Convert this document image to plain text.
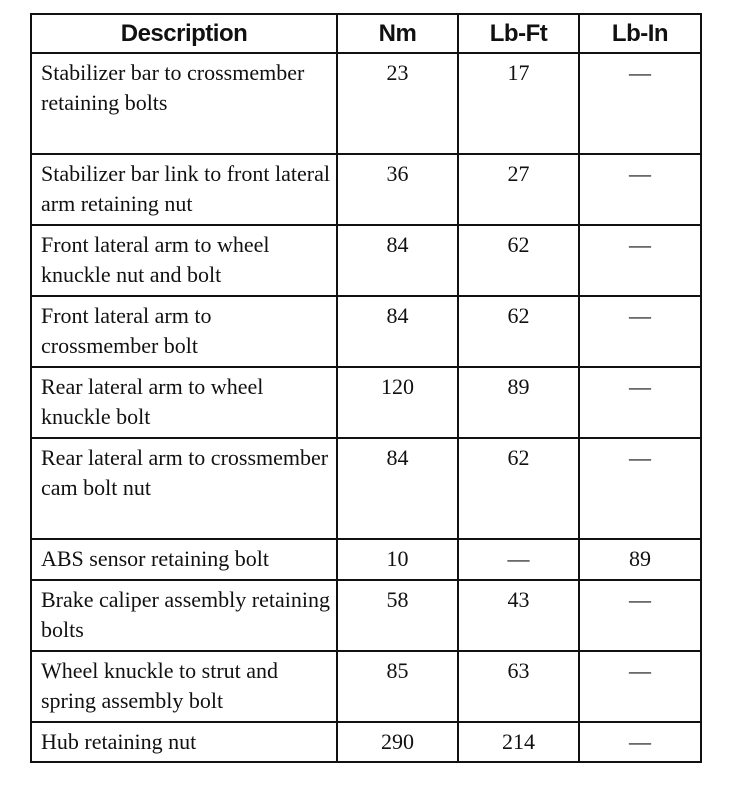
Description	Nm	Lb-Ft	Lb-In
Stabilizer bar to crossmember retaining bolts	23	17	—
Stabilizer bar link to front lateral arm retaining nut	36	27	—
Front lateral arm to wheel knuckle nut and bolt	84	62	—
Front lateral arm to crossmember bolt	84	62	—
Rear lateral arm to wheel knuckle bolt	120	89	—
Rear lateral arm to crossmember cam bolt nut	84	62	—
ABS sensor retaining bolt	10	—	89
Brake caliper assembly retaining bolts	58	43	—
Wheel knuckle to strut and spring assembly bolt	85	63	—
Hub retaining nut	290	214	—
